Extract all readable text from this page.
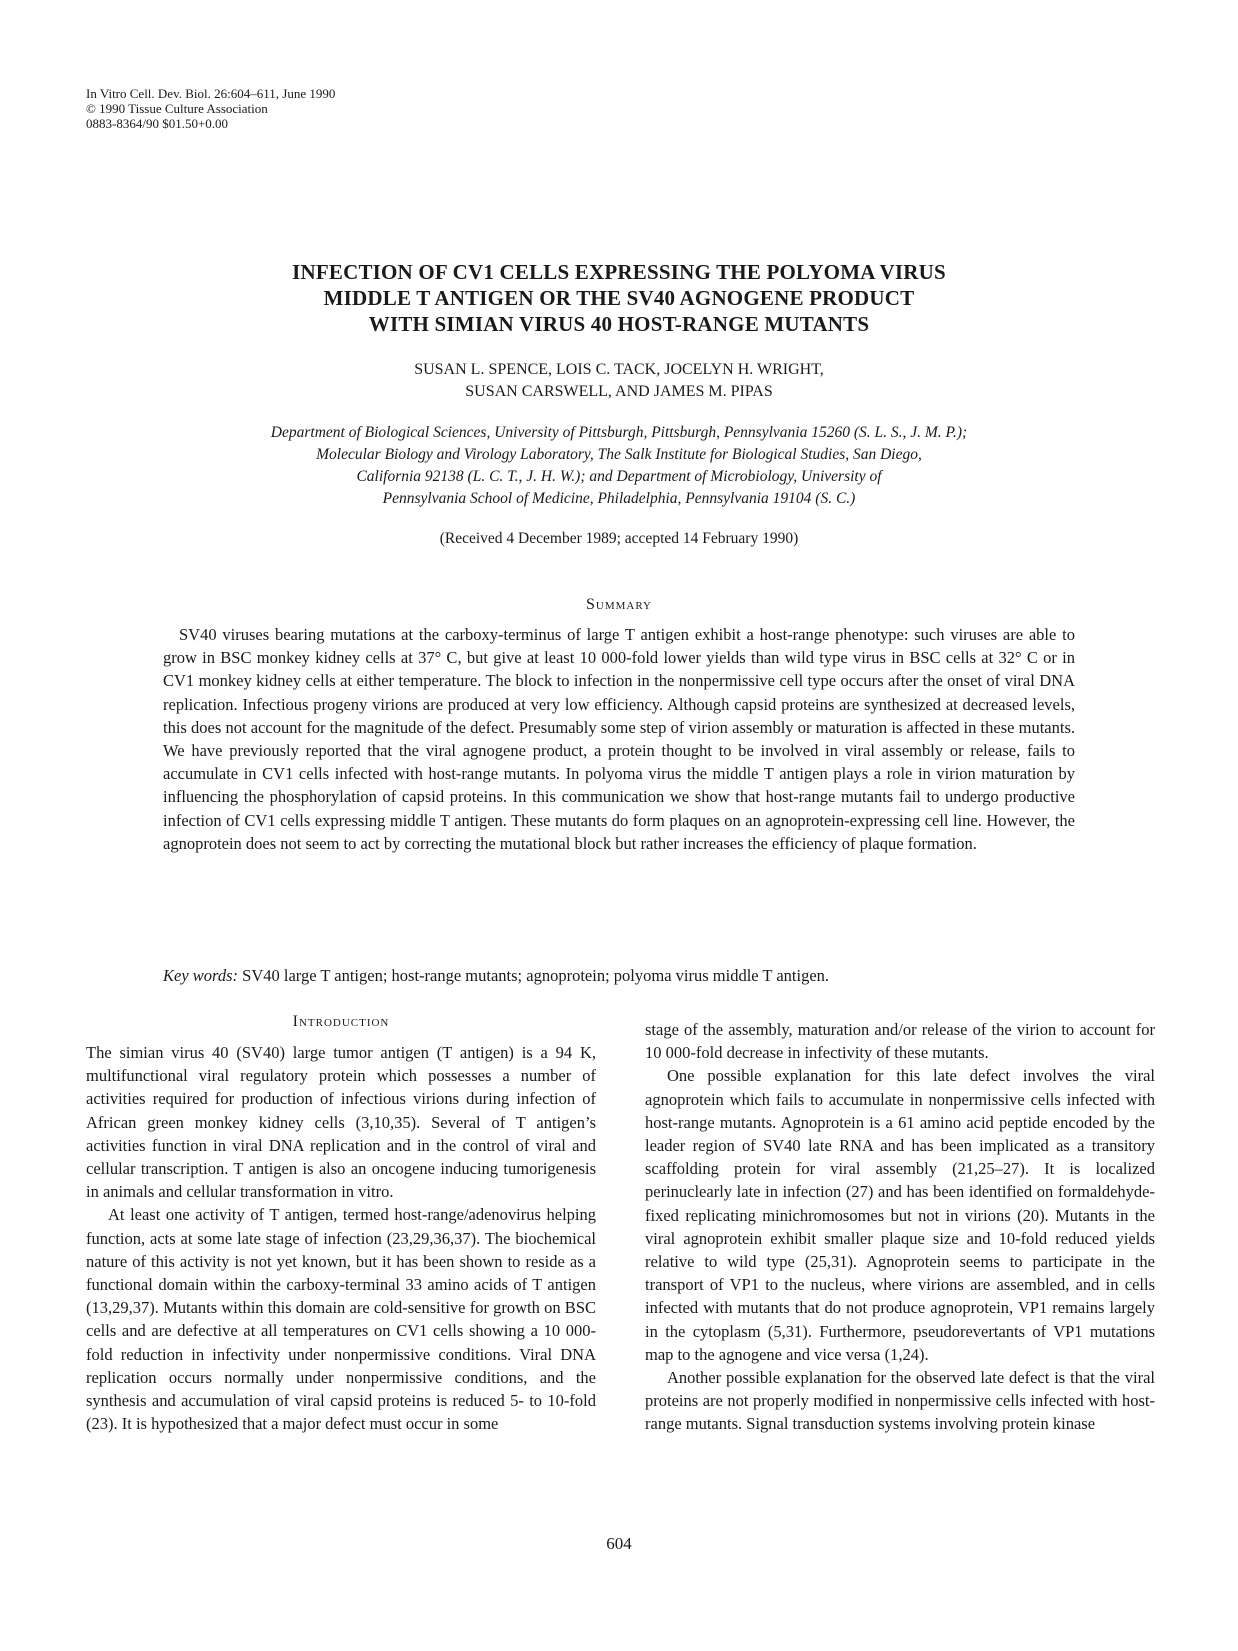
In Vitro Cell. Dev. Biol. 26:604–611, June 1990
© 1990 Tissue Culture Association
0883-8364/90 $01.50+0.00
INFECTION OF CV1 CELLS EXPRESSING THE POLYOMA VIRUS
MIDDLE T ANTIGEN OR THE SV40 AGNOGENE PRODUCT
WITH SIMIAN VIRUS 40 HOST-RANGE MUTANTS
SUSAN L. SPENCE, LOIS C. TACK, JOCELYN H. WRIGHT,
SUSAN CARSWELL, AND JAMES M. PIPAS
Department of Biological Sciences, University of Pittsburgh, Pittsburgh, Pennsylvania 15260 (S. L. S., J. M. P.);
Molecular Biology and Virology Laboratory, The Salk Institute for Biological Studies, San Diego,
California 92138 (L. C. T., J. H. W.); and Department of Microbiology, University of
Pennsylvania School of Medicine, Philadelphia, Pennsylvania 19104 (S. C.)
(Received 4 December 1989; accepted 14 February 1990)
Summary

SV40 viruses bearing mutations at the carboxy-terminus of large T antigen exhibit a host-range phenotype: such viruses are able to grow in BSC monkey kidney cells at 37° C, but give at least 10 000-fold lower yields than wild type virus in BSC cells at 32° C or in CV1 monkey kidney cells at either temperature. The block to infection in the nonpermissive cell type occurs after the onset of viral DNA replication. Infectious progeny virions are produced at very low efficiency. Although capsid proteins are synthesized at decreased levels, this does not account for the magnitude of the defect. Presumably some step of virion assembly or maturation is affected in these mutants. We have previously reported that the viral agnogene product, a protein thought to be involved in viral assembly or release, fails to accumulate in CV1 cells infected with host-range mutants. In polyoma virus the middle T antigen plays a role in virion maturation by influencing the phosphorylation of capsid proteins. In this communication we show that host-range mutants fail to undergo productive infection of CV1 cells expressing middle T antigen. These mutants do form plaques on an agnoprotein-expressing cell line. However, the agnoprotein does not seem to act by correcting the mutational block but rather increases the efficiency of plaque formation.

Key words: SV40 large T antigen; host-range mutants; agnoprotein; polyoma virus middle T antigen.
Introduction

The simian virus 40 (SV40) large tumor antigen (T antigen) is a 94 K, multifunctional viral regulatory protein which possesses a number of activities required for production of infectious virions during infection of African green monkey kidney cells (3,10,35). Several of T antigen’s activities function in viral DNA replication and in the control of viral and cellular transcription. T antigen is also an oncogene inducing tumorigenesis in animals and cellular transformation in vitro.

At least one activity of T antigen, termed host-range/adenovirus helping function, acts at some late stage of infection (23,29,36,37). The biochemical nature of this activity is not yet known, but it has been shown to reside as a functional domain within the carboxy-terminal 33 amino acids of T antigen (13,29,37). Mutants within this domain are cold-sensitive for growth on BSC cells and are defective at all temperatures on CV1 cells showing a 10 000-fold reduction in infectivity under nonpermissive conditions. Viral DNA replication occurs normally under nonpermissive conditions, and the synthesis and accumulation of viral capsid proteins is reduced 5- to 10-fold (23). It is hypothesized that a major defect must occur in some

stage of the assembly, maturation and/or release of the virion to account for 10 000-fold decrease in infectivity of these mutants.

One possible explanation for this late defect involves the viral agnoprotein which fails to accumulate in nonpermissive cells infected with host-range mutants. Agnoprotein is a 61 amino acid peptide encoded by the leader region of SV40 late RNA and has been implicated as a transitory scaffolding protein for viral assembly (21,25–27). It is localized perinuclearly late in infection (27) and has been identified on formaldehyde-fixed replicating minichromosomes but not in virions (20). Mutants in the viral agnoprotein exhibit smaller plaque size and 10-fold reduced yields relative to wild type (25,31). Agnoprotein seems to participate in the transport of VP1 to the nucleus, where virions are assembled, and in cells infected with mutants that do not produce agnoprotein, VP1 remains largely in the cytoplasm (5,31). Furthermore, pseudorevertants of VP1 mutations map to the agnogene and vice versa (1,24).

Another possible explanation for the observed late defect is that the viral proteins are not properly modified in nonpermissive cells infected with host-range mutants. Signal transduction systems involving protein kinase

604
